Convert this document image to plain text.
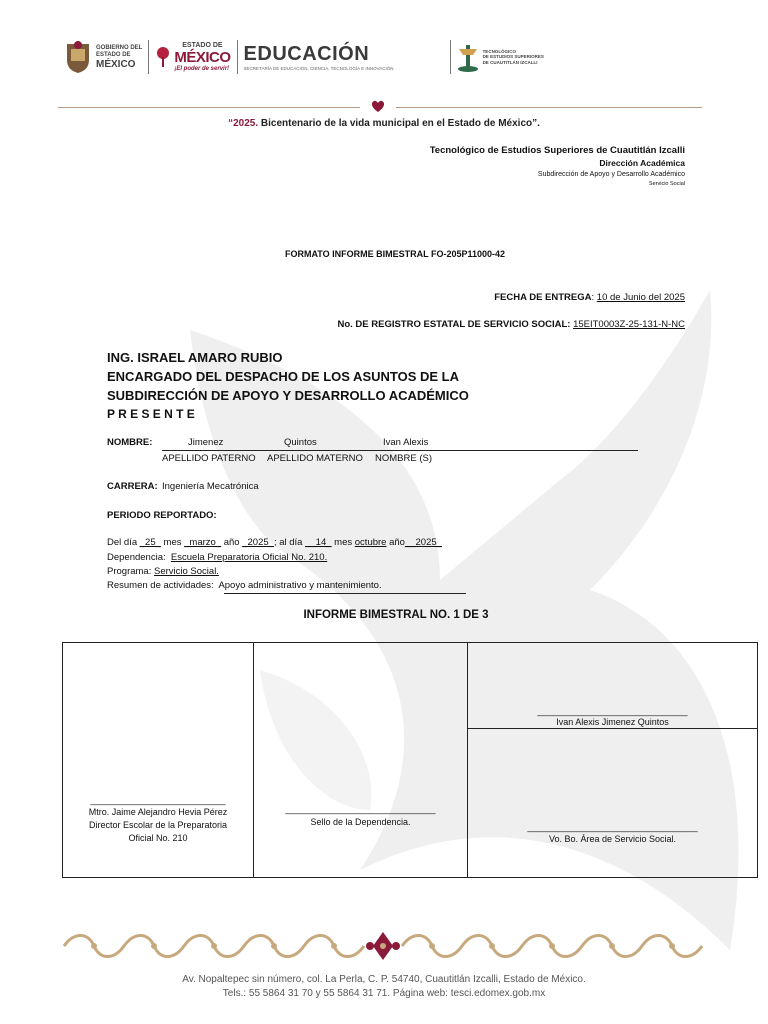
GOBIERNO DEL
ESTADO DE
MÉXICO
ESTADO DE
MÉXICO
¡El poder de servir!
EDUCACIÓN
SECRETARÍA DE EDUCACIÓN, CIENCIA, TECNOLOGÍA E INNOVACIÓN
TECNOLÓGICO
DE ESTUDIOS SUPERIORES
DE CUAUTITLÁN IZCALLI
“2025. Bicentenario de la vida municipal en el Estado de México”.
Tecnológico de Estudios Superiores de Cuautitlán Izcalli
Dirección Académica
Subdirección de Apoyo y Desarrollo Académico
Servicio Social
FORMATO INFORME BIMESTRAL FO-205P11000-42
FECHA DE ENTREGA: 10 de Junio del 2025
No. DE REGISTRO ESTATAL DE SERVICIO SOCIAL: 15EIT0003Z-25-131-N-NC
ING. ISRAEL AMARO RUBIO
ENCARGADO DEL DESPACHO DE LOS ASUNTOS DE LA
SUBDIRECCIÓN DE APOYO Y DESARROLLO ACADÉMICO
P R E S E N T E
NOMBRE:	Jimenez	Quintos	Ivan Alexis
APELLIDO PATERNO APELLIDO MATERNO NOMBRE (S)
CARRERA: Ingeniería Mecatrónica
PERIODO REPORTADO:
Del día _25_ mes _marzo_ año _2025_; al día __14_ mes octubre año__2025_
Dependencia: Escuela Preparatoria Oficial No. 210.
Programa: Servicio Social.
Resumen de actividades: Apoyo administrativo y mantenimiento.
INFORME BIMESTRAL NO. 1 DE 3
___________________________
Mtro. Jaime Alejandro Hevia Pérez
Director Escolar de la Preparatoria
Oficial No. 210

______________________________
Sello de la Dependencia.

______________________________
Ivan Alexis Jimenez Quintos

__________________________________
Vo. Bo. Área de Servicio Social.
Av. Nopaltepec sin número, col. La Perla, C. P. 54740, Cuautitlán Izcalli, Estado de México.
Tels.: 55 5864 31 70 y 55 5864 31 71. Página web: tesci.edomex.gob.mx
